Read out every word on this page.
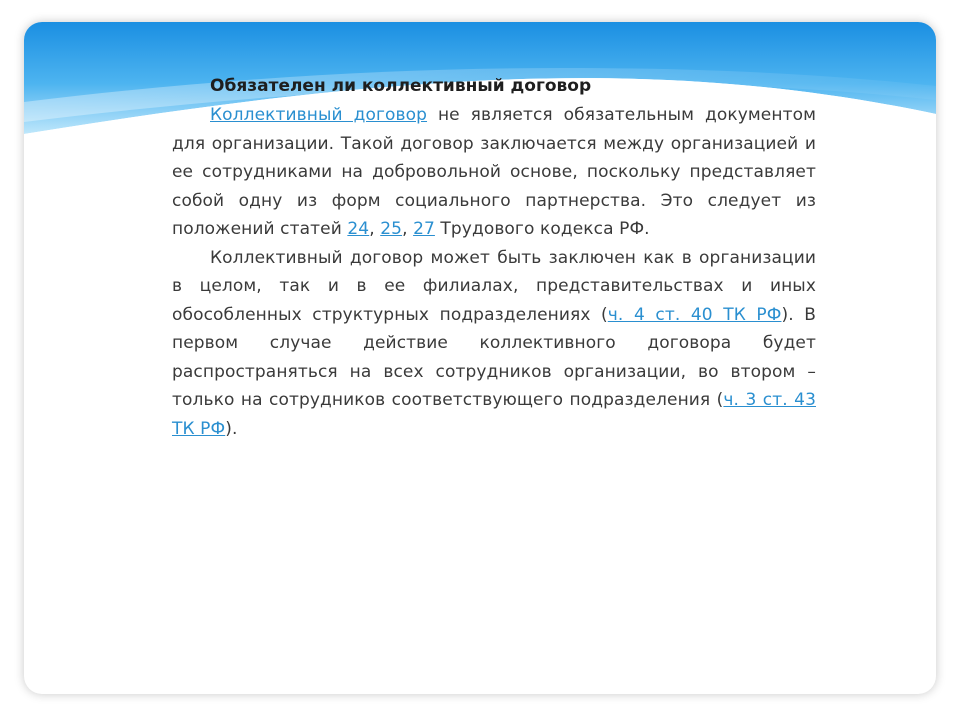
Обязателен ли коллективный договор

Коллективный договор не является обязательным документом для организации. Такой договор заключается между организацией и ее сотрудниками на добровольной основе, поскольку представляет собой одну из форм социального партнерства. Это следует из положений статей 24, 25, 27 Трудового кодекса РФ.

Коллективный договор может быть заключен как в организации в целом, так и в ее филиалах, представительствах и иных обособленных структурных подразделениях (ч. 4 ст. 40 ТК РФ). В первом случае действие коллективного договора будет распространяться на всех сотрудников организации, во втором – только на сотрудников соответствующего подразделения (ч. 3 ст. 43 ТК РФ).
